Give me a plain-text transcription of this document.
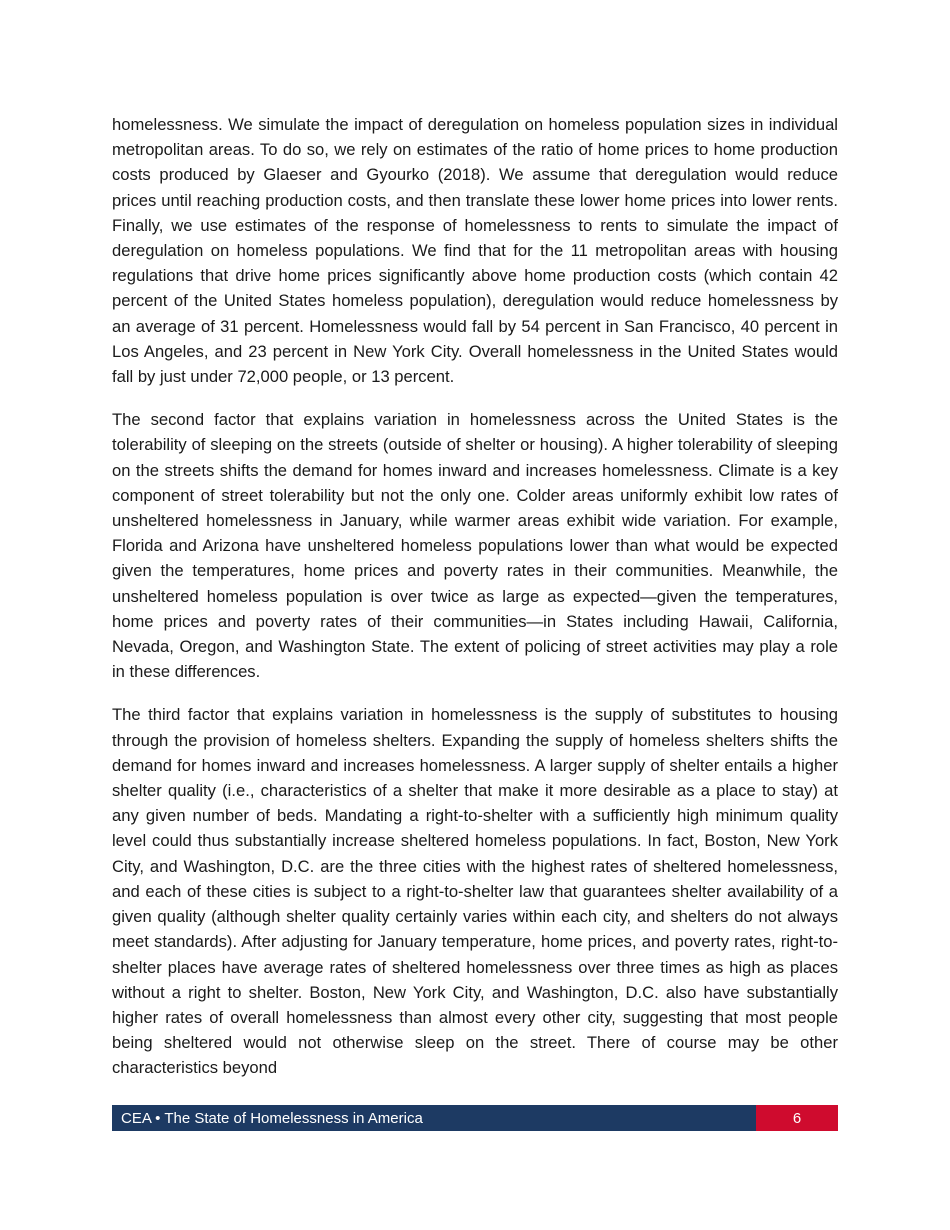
homelessness. We simulate the impact of deregulation on homeless population sizes in individual metropolitan areas. To do so, we rely on estimates of the ratio of home prices to home production costs produced by Glaeser and Gyourko (2018). We assume that deregulation would reduce prices until reaching production costs, and then translate these lower home prices into lower rents. Finally, we use estimates of the response of homelessness to rents to simulate the impact of deregulation on homeless populations. We find that for the 11 metropolitan areas with housing regulations that drive home prices significantly above home production costs (which contain 42 percent of the United States homeless population), deregulation would reduce homelessness by an average of 31 percent. Homelessness would fall by 54 percent in San Francisco, 40 percent in Los Angeles, and 23 percent in New York City. Overall homelessness in the United States would fall by just under 72,000 people, or 13 percent.

The second factor that explains variation in homelessness across the United States is the tolerability of sleeping on the streets (outside of shelter or housing). A higher tolerability of sleeping on the streets shifts the demand for homes inward and increases homelessness. Climate is a key component of street tolerability but not the only one. Colder areas uniformly exhibit low rates of unsheltered homelessness in January, while warmer areas exhibit wide variation. For example, Florida and Arizona have unsheltered homeless populations lower than what would be expected given the temperatures, home prices and poverty rates in their communities. Meanwhile, the unsheltered homeless population is over twice as large as expected—given the temperatures, home prices and poverty rates of their communities—in States including Hawaii, California, Nevada, Oregon, and Washington State. The extent of policing of street activities may play a role in these differences.

The third factor that explains variation in homelessness is the supply of substitutes to housing through the provision of homeless shelters. Expanding the supply of homeless shelters shifts the demand for homes inward and increases homelessness. A larger supply of shelter entails a higher shelter quality (i.e., characteristics of a shelter that make it more desirable as a place to stay) at any given number of beds. Mandating a right-to-shelter with a sufficiently high minimum quality level could thus substantially increase sheltered homeless populations. In fact, Boston, New York City, and Washington, D.C. are the three cities with the highest rates of sheltered homelessness, and each of these cities is subject to a right-to-shelter law that guarantees shelter availability of a given quality (although shelter quality certainly varies within each city, and shelters do not always meet standards). After adjusting for January temperature, home prices, and poverty rates, right-to-shelter places have average rates of sheltered homelessness over three times as high as places without a right to shelter. Boston, New York City, and Washington, D.C. also have substantially higher rates of overall homelessness than almost every other city, suggesting that most people being sheltered would not otherwise sleep on the street. There of course may be other characteristics beyond

CEA • The State of Homelessness in America	6
